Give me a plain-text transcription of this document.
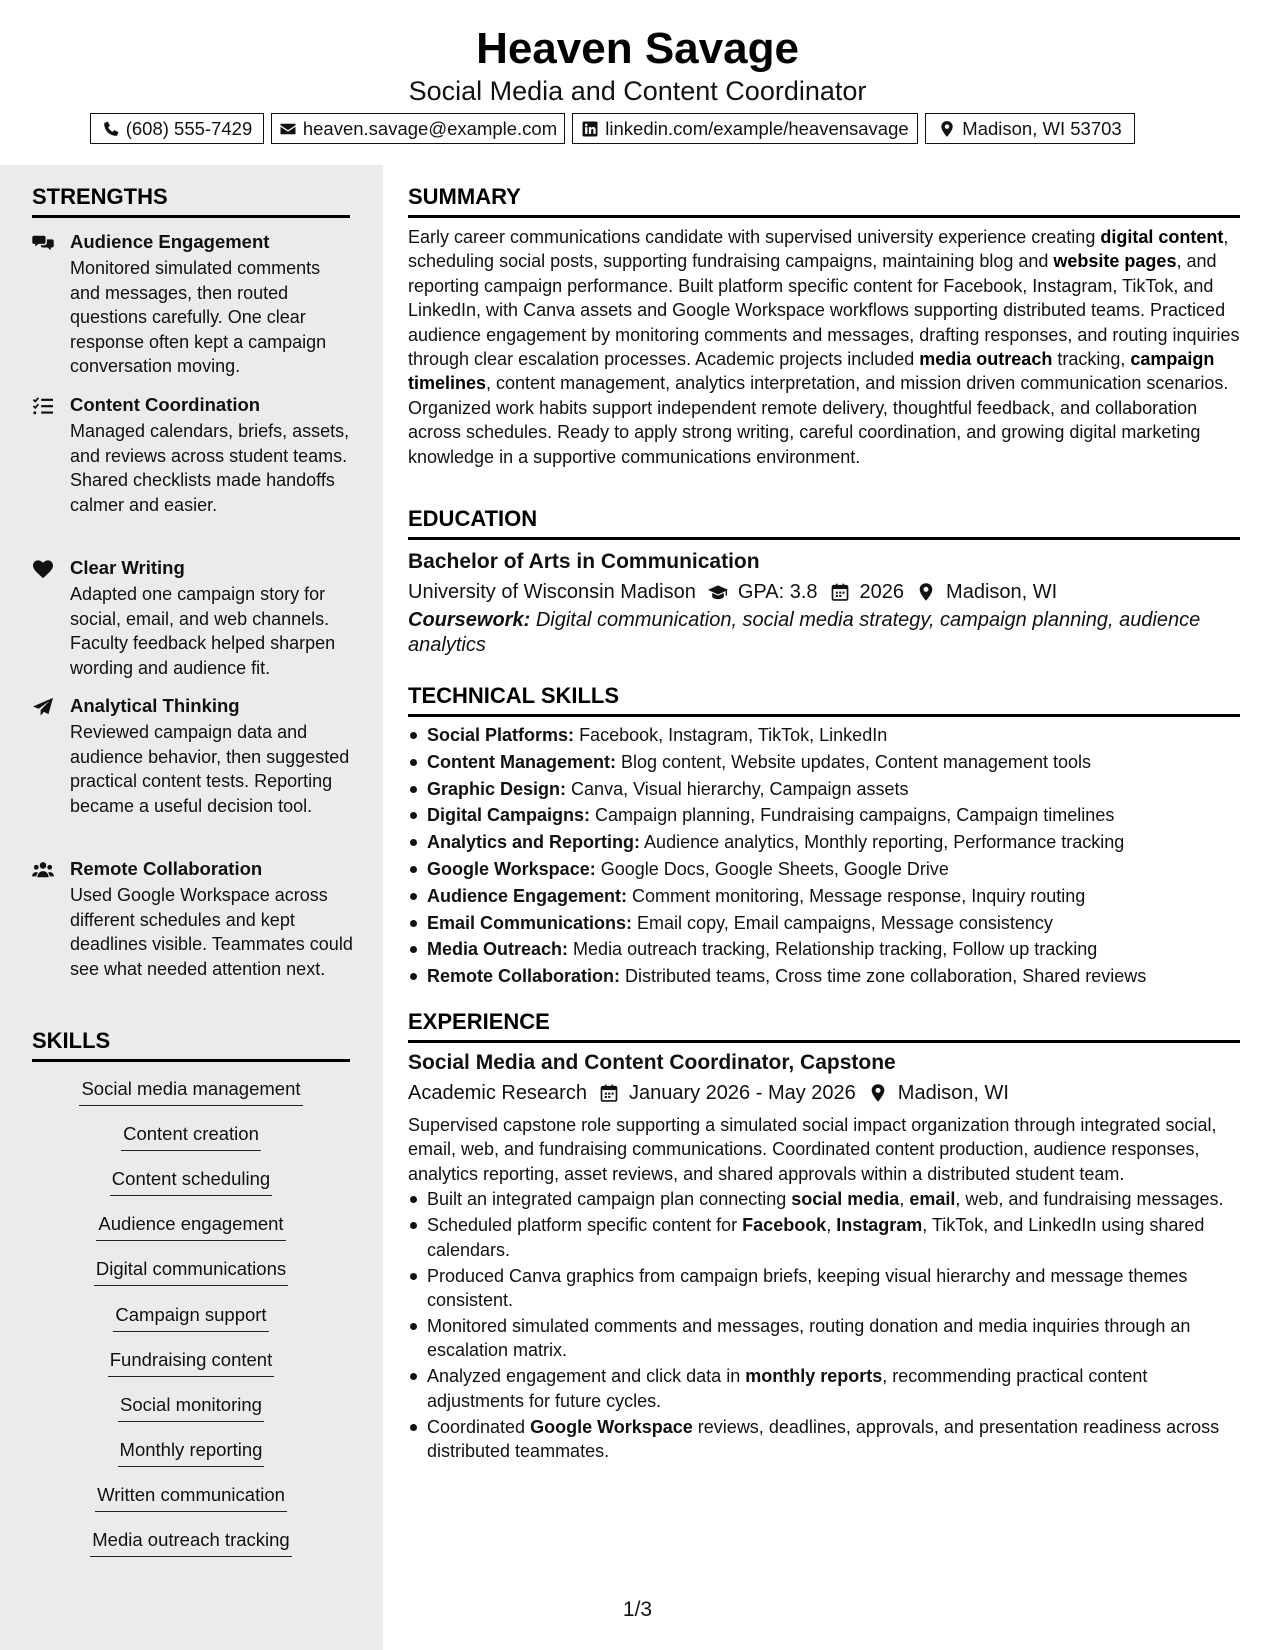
Heaven Savage
Social Media and Content Coordinator
(608) 555-7429	heaven.savage@example.com	linkedin.com/example/heavensavage	Madison, WI 53703
STRENGTHS
Audience Engagement
Monitored simulated comments and messages, then routed questions carefully. One clear response often kept a campaign conversation moving.
Content Coordination
Managed calendars, briefs, assets, and reviews across student teams. Shared checklists made handoffs calmer and easier.
Clear Writing
Adapted one campaign story for social, email, and web channels. Faculty feedback helped sharpen wording and audience fit.
Analytical Thinking
Reviewed campaign data and audience behavior, then suggested practical content tests. Reporting became a useful decision tool.
Remote Collaboration
Used Google Workspace across different schedules and kept deadlines visible. Teammates could see what needed attention next.
SKILLS
Social media management
Content creation
Content scheduling
Audience engagement
Digital communications
Campaign support
Fundraising content
Social monitoring
Monthly reporting
Written communication
Media outreach tracking
SUMMARY

Early career communications candidate with supervised university experience creating digital content, scheduling social posts, supporting fundraising campaigns, maintaining blog and website pages, and reporting campaign performance. Built platform specific content for Facebook, Instagram, TikTok, and LinkedIn, with Canva assets and Google Workspace workflows supporting distributed teams. Practiced audience engagement by monitoring comments and messages, drafting responses, and routing inquiries through clear escalation processes. Academic projects included media outreach tracking, campaign timelines, content management, analytics interpretation, and mission driven communication scenarios. Organized work habits support independent remote delivery, thoughtful feedback, and collaboration across schedules. Ready to apply strong writing, careful coordination, and growing digital marketing knowledge in a supportive communications environment.

EDUCATION
Bachelor of Arts in Communication
University of Wisconsin Madison GPA: 3.8 2026 Madison, WI
Coursework: Digital communication, social media strategy, campaign planning, audience analytics
TECHNICAL SKILLS
Social Platforms: Facebook, Instagram, TikTok, LinkedIn
Content Management: Blog content, Website updates, Content management tools
Graphic Design: Canva, Visual hierarchy, Campaign assets
Digital Campaigns: Campaign planning, Fundraising campaigns, Campaign timelines
Analytics and Reporting: Audience analytics, Monthly reporting, Performance tracking
Google Workspace: Google Docs, Google Sheets, Google Drive
Audience Engagement: Comment monitoring, Message response, Inquiry routing
Email Communications: Email copy, Email campaigns, Message consistency
Media Outreach: Media outreach tracking, Relationship tracking, Follow up tracking
Remote Collaboration: Distributed teams, Cross time zone collaboration, Shared reviews
EXPERIENCE
Social Media and Content Coordinator, Capstone
Academic Research January 2026 - May 2026 Madison, WI

Supervised capstone role supporting a simulated social impact organization through integrated social, email, web, and fundraising communications. Coordinated content production, audience responses, analytics reporting, asset reviews, and shared approvals within a distributed student team.

Built an integrated campaign plan connecting social media, email, web, and fundraising messages.
Scheduled platform specific content for Facebook, Instagram, TikTok, and LinkedIn using shared calendars.
Produced Canva graphics from campaign briefs, keeping visual hierarchy and message themes consistent.
Monitored simulated comments and messages, routing donation and media inquiries through an escalation matrix.
Analyzed engagement and click data in monthly reports, recommending practical content adjustments for future cycles.
Coordinated Google Workspace reviews, deadlines, approvals, and presentation readiness across distributed teammates.
1/3
